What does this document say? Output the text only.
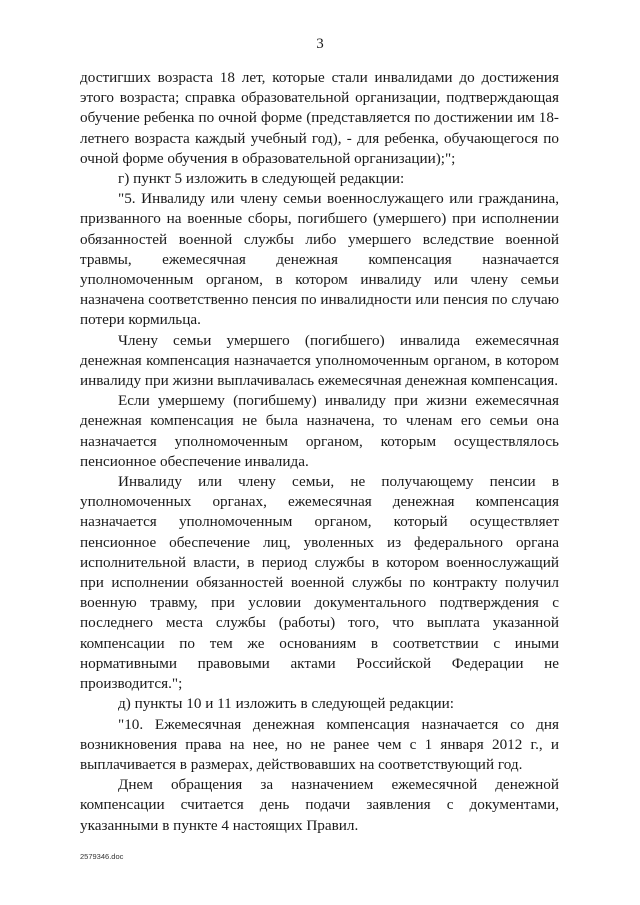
3

достигших возраста 18 лет, которые стали инвалидами до достижения этого возраста; справка образовательной организации, подтверждающая обучение ребенка по очной форме (представляется по достижении им 18-летнего возраста каждый учебный год), - для ребенка, обучающегося по очной форме обучения в образовательной организации);";

г) пункт 5 изложить в следующей редакции:

"5. Инвалиду или члену семьи военнослужащего или гражданина, призванного на военные сборы, погибшего (умершего) при исполнении обязанностей военной службы либо умершего вследствие военной травмы, ежемесячная денежная компенсация назначается уполномоченным органом, в котором инвалиду или члену семьи назначена соответственно пенсия по инвалидности или пенсия по случаю потери кормильца.

Члену семьи умершего (погибшего) инвалида ежемесячная денежная компенсация назначается уполномоченным органом, в котором инвалиду при жизни выплачивалась ежемесячная денежная компенсация.

Если умершему (погибшему) инвалиду при жизни ежемесячная денежная компенсация не была назначена, то членам его семьи она назначается уполномоченным органом, которым осуществлялось пенсионное обеспечение инвалида.

Инвалиду или члену семьи, не получающему пенсии в уполномоченных органах, ежемесячная денежная компенсация назначается уполномоченным органом, который осуществляет пенсионное обеспечение лиц, уволенных из федерального органа исполнительной власти, в период службы в котором военнослужащий при исполнении обязанностей военной службы по контракту получил военную травму, при условии документального подтверждения с последнего места службы (работы) того, что выплата указанной компенсации по тем же основаниям в соответствии с иными нормативными правовыми актами Российской Федерации не производится.";

д) пункты 10 и 11 изложить в следующей редакции:

"10. Ежемесячная денежная компенсация назначается со дня возникновения права на нее, но не ранее чем с 1 января 2012 г., и выплачивается в размерах, действовавших на соответствующий год.

Днем обращения за назначением ежемесячной денежной компенсации считается день подачи заявления с документами, указанными в пункте 4 настоящих Правил.

2579346.doc
